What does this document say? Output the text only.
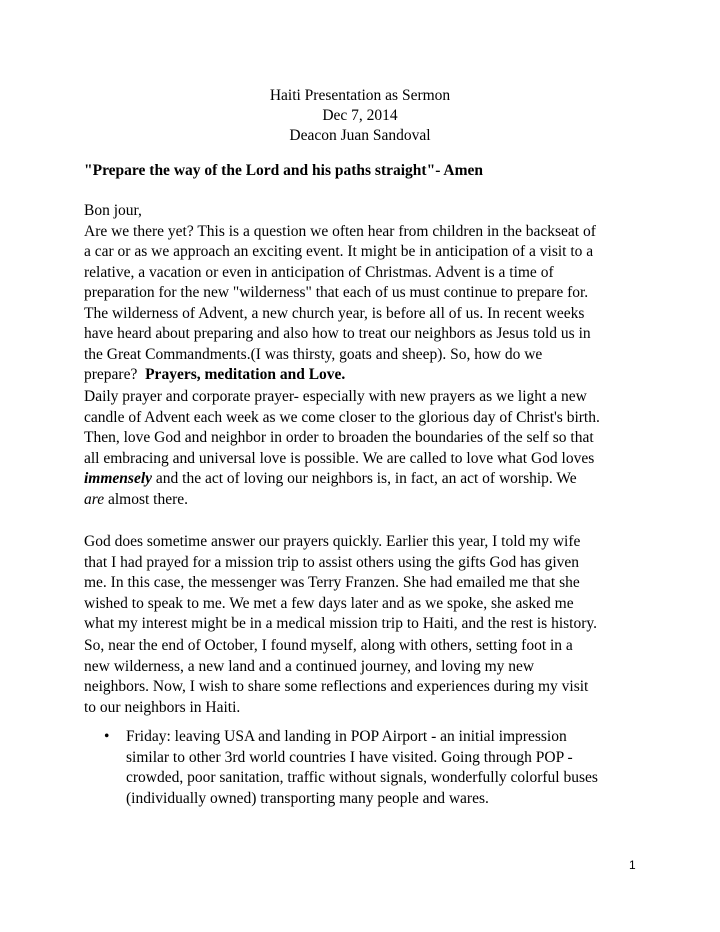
Haiti Presentation as Sermon
Dec 7, 2014
Deacon Juan Sandoval
"Prepare the way of the Lord and his paths straight"- Amen
Bon jour,
Are we there yet? This is a question we often hear from children in the backseat of
a car or as we approach an exciting event. It might be in anticipation of a visit to a
relative, a vacation or even in anticipation of Christmas. Advent is a time of
preparation for the new "wilderness" that each of us must continue to prepare for.
The wilderness of Advent, a new church year, is before all of us. In recent weeks
have heard about preparing and also how to treat our neighbors as Jesus told us in
the Great Commandments.(I was thirsty, goats and sheep). So, how do we
prepare?  Prayers, meditation and Love.
Daily prayer and corporate prayer- especially with new prayers as we light a new
candle of Advent each week as we come closer to the glorious day of Christ's birth.
Then, love God and neighbor in order to broaden the boundaries of the self so that
all embracing and universal love is possible. We are called to love what God loves
immensely and the act of loving our neighbors is, in fact, an act of worship. We
are almost there.
God does sometime answer our prayers quickly. Earlier this year, I told my wife
that I had prayed for a mission trip to assist others using the gifts God has given
me. In this case, the messenger was Terry Franzen. She had emailed me that she
wished to speak to me. We met a few days later and as we spoke, she asked me
what my interest might be in a medical mission trip to Haiti, and the rest is history.
So, near the end of October, I found myself, along with others, setting foot in a
new wilderness, a new land and a continued journey, and loving my new
neighbors. Now, I wish to share some reflections and experiences during my visit
to our neighbors in Haiti.
• Friday: leaving USA and landing in POP Airport - an initial impression
similar to other 3rd world countries I have visited. Going through POP -
crowded, poor sanitation, traffic without signals, wonderfully colorful buses
(individually owned) transporting many people and wares.
1
